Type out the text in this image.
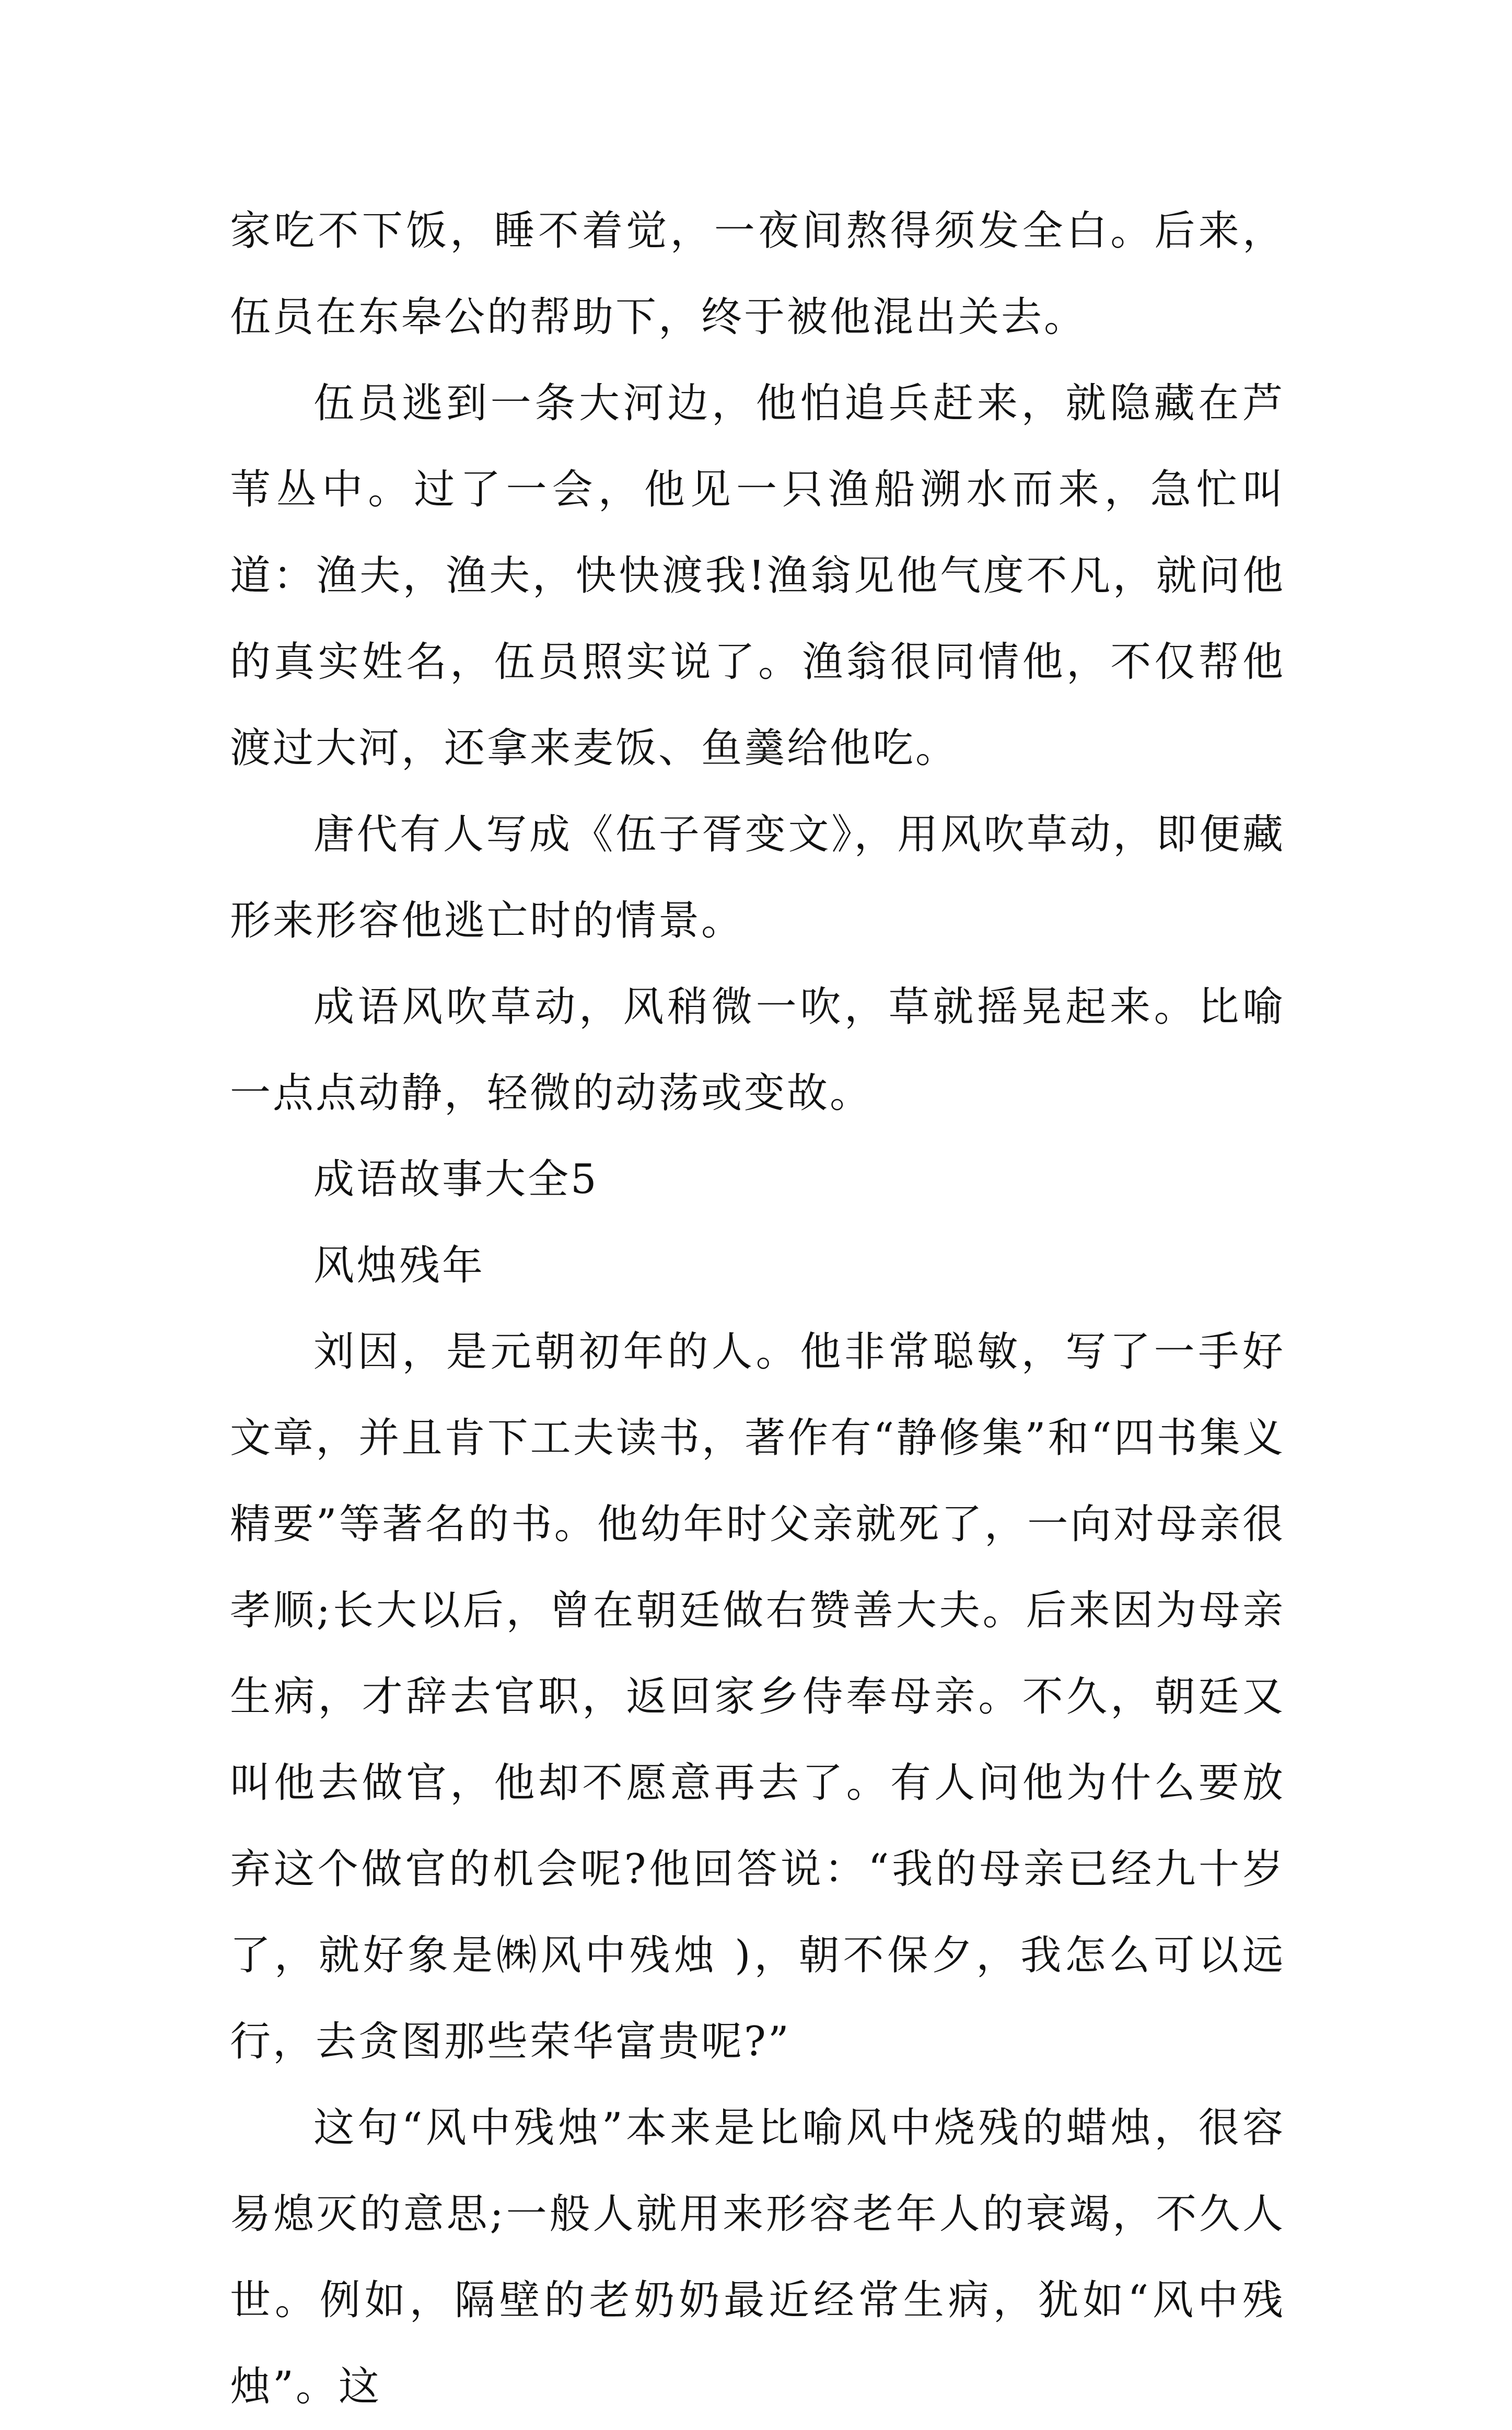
家吃不下饭，睡不着觉，一夜间熬得须发全白。后来，伍员在东皋公的帮助下，终于被他混出关去。

伍员逃到一条大河边，他怕追兵赶来，就隐藏在芦苇丛中。过了一会，他见一只渔船溯水而来，急忙叫道：渔夫，渔夫，快快渡我!渔翁见他气度不凡，就问他的真实姓名，伍员照实说了。渔翁很同情他，不仅帮他渡过大河，还拿来麦饭、鱼羹给他吃。

唐代有人写成《伍子胥变文》，用风吹草动，即便藏形来形容他逃亡时的情景。

成语风吹草动，风稍微一吹，草就摇晃起来。比喻一点点动静，轻微的动荡或变故。

成语故事大全5

风烛残年

刘因，是元朝初年的人。他非常聪敏，写了一手好文章，并且肯下工夫读书，著作有“静修集”和“四书集义精要”等著名的书。他幼年时父亲就死了，一向对母亲很孝顺;长大以后，曾在朝廷做右赞善大夫。后来因为母亲生病，才辞去官职，返回家乡侍奉母亲。不久，朝廷又叫他去做官，他却不愿意再去了。有人问他为什么要放弃这个做官的机会呢?他回答说：“我的母亲已经九十岁了，就好象是㈱风中残烛 )，朝不保夕，我怎么可以远行，去贪图那些荣华富贵呢?”

这句“风中残烛”本来是比喻风中烧残的蜡烛，很容易熄灭的意思;一般人就用来形容老年人的衰竭，不久人世。例如，隔壁的老奶奶最近经常生病，犹如“风中残烛”。这
